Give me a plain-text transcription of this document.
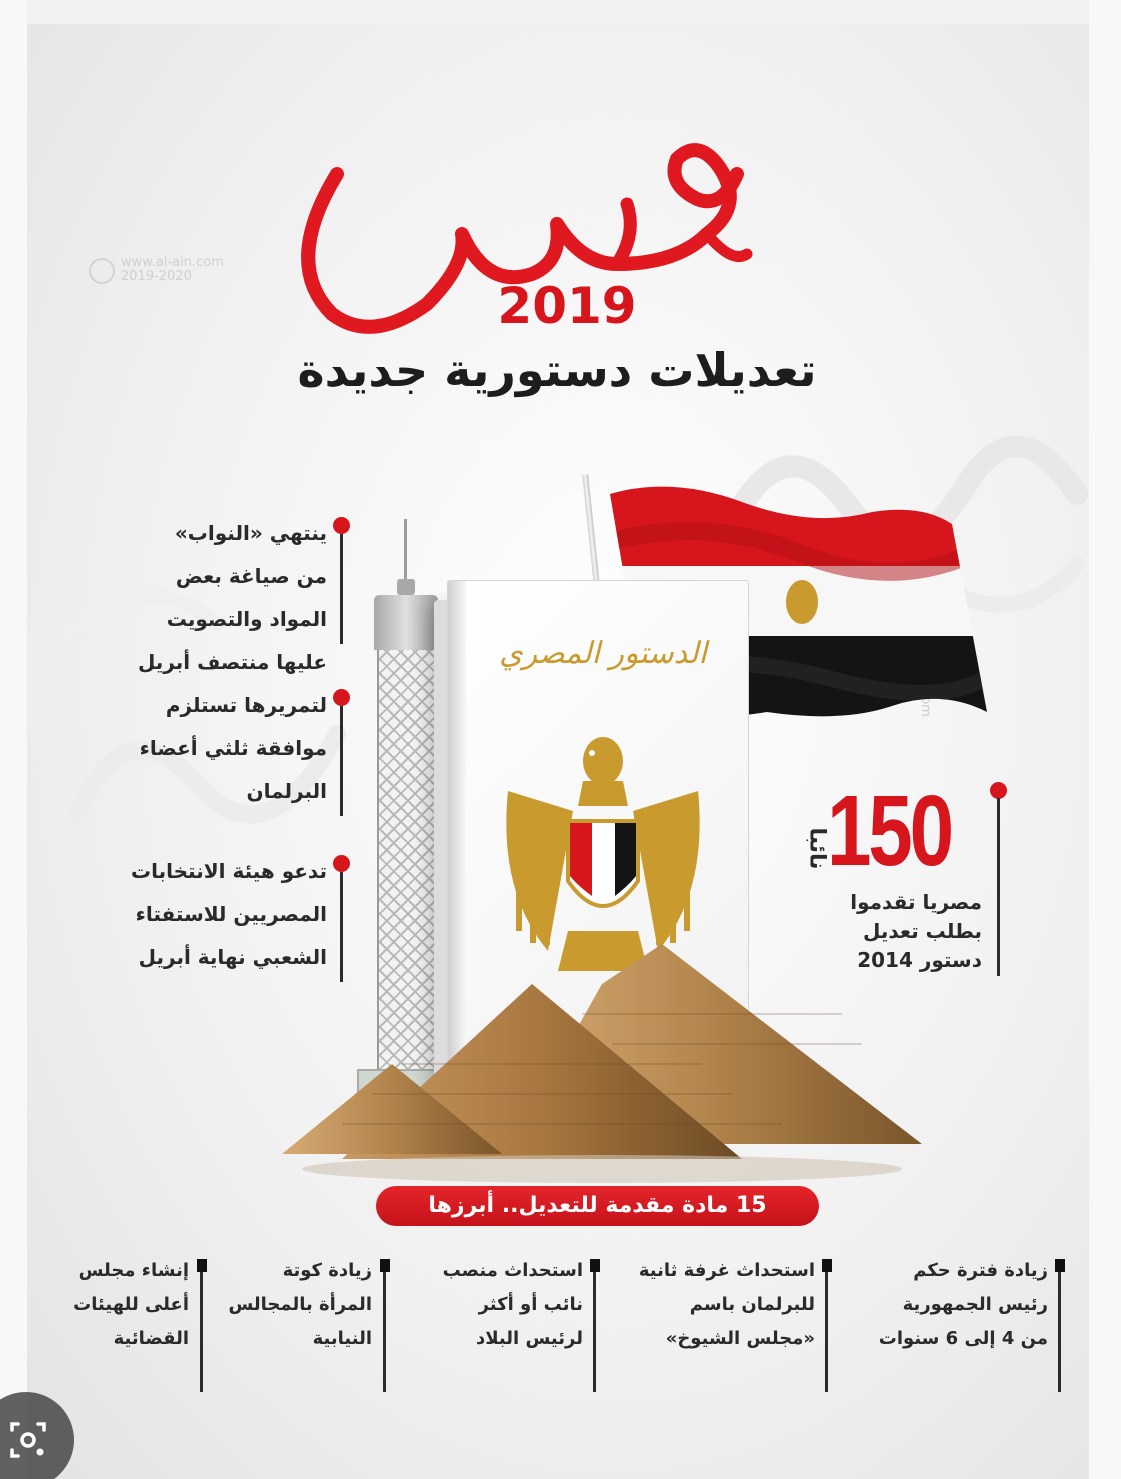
www.al-ain.com
2019-2020
2019
تعديلات دستورية جديدة
الدستور المصري
ينتهي «النواب»
من صياغة بعض
المواد والتصويت
عليها منتصف أبريل
لتمريرها تستلزم
موافقة ثلثي أعضاء
البرلمان
تدعو هيئة الانتخابات
المصريين للاستفتاء
الشعبي نهاية أبريل
150
نائبا
مصريا تقدموا
بطلب تعديل
دستور 2014
15 مادة مقدمة للتعديل.. أبرزها
زيادة فترة حكم
رئيس الجمهورية
من 4 إلى 6 سنوات
استحداث غرفة ثانية
للبرلمان باسم
«مجلس الشيوخ»
استحداث منصب
نائب أو أكثر
لرئيس البلاد
زيادة كوتة
المرأة بالمجالس
النيابية
إنشاء مجلس
أعلى للهيئات
القضائية
